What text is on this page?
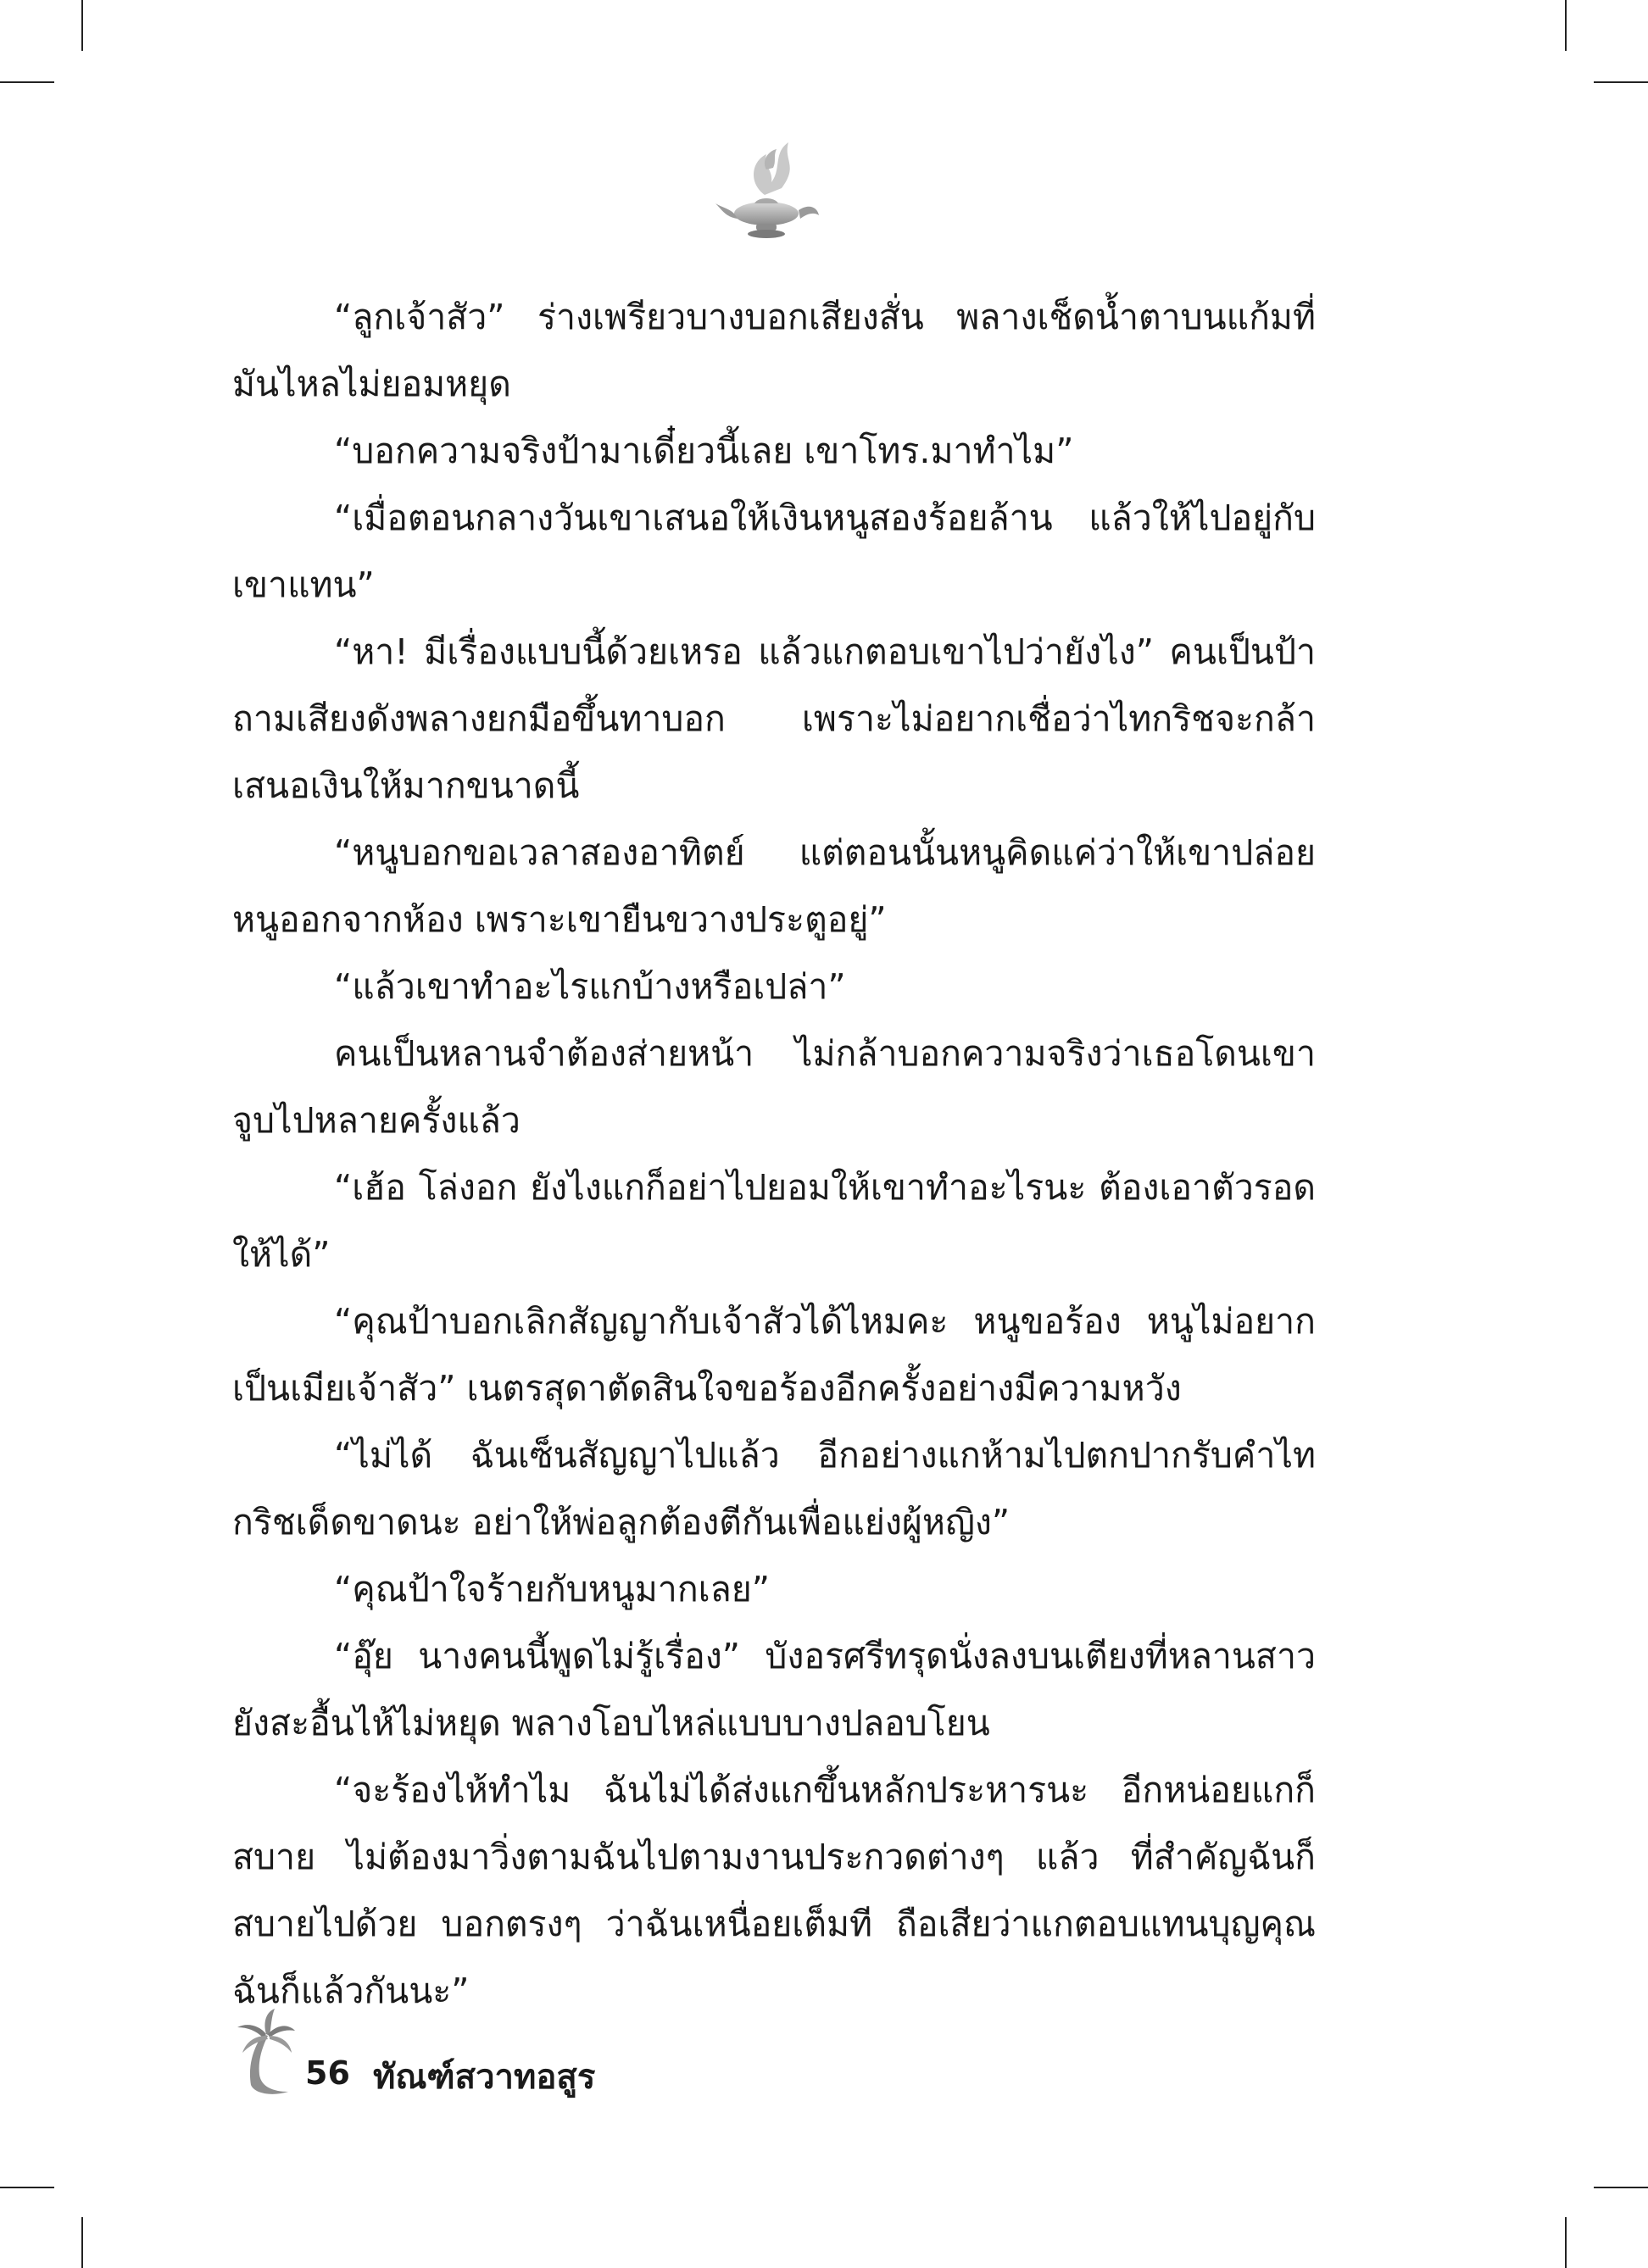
“ลูกเจ้าสัว” ร่างเพรียวบางบอกเสียงสั่น พลางเช็ดน้ำตาบนแก้มที่มันไหลไม่ยอมหยุด

“บอกความจริงป้ามาเดี๋ยวนี้เลย เขาโทร.มาทำไม”

“เมื่อตอนกลางวันเขาเสนอให้เงินหนูสองร้อยล้าน แล้วให้ไปอยู่กับเขาแทน”

“หา! มีเรื่องแบบนี้ด้วยเหรอ แล้วแกตอบเขาไปว่ายังไง” คนเป็นป้าถามเสียงดังพลางยกมือขึ้นทาบอก เพราะไม่อยากเชื่อว่าไทกริชจะกล้าเสนอเงินให้มากขนาดนี้

“หนูบอกขอเวลาสองอาทิตย์ แต่ตอนนั้นหนูคิดแค่ว่าให้เขาปล่อยหนูออกจากห้อง เพราะเขายืนขวางประตูอยู่”

“แล้วเขาทำอะไรแกบ้างหรือเปล่า”

คนเป็นหลานจำต้องส่ายหน้า ไม่กล้าบอกความจริงว่าเธอโดนเขาจูบไปหลายครั้งแล้ว

“เฮ้อ โล่งอก ยังไงแกก็อย่าไปยอมให้เขาทำอะไรนะ ต้องเอาตัวรอดให้ได้”

“คุณป้าบอกเลิกสัญญากับเจ้าสัวได้ไหมคะ หนูขอร้อง หนูไม่อยากเป็นเมียเจ้าสัว” เนตรสุดาตัดสินใจขอร้องอีกครั้งอย่างมีความหวัง

“ไม่ได้ ฉันเซ็นสัญญาไปแล้ว อีกอย่างแกห้ามไปตกปากรับคำไทกริชเด็ดขาดนะ อย่าให้พ่อลูกต้องตีกันเพื่อแย่งผู้หญิง”

“คุณป้าใจร้ายกับหนูมากเลย”

“อุ๊ย นางคนนี้พูดไม่รู้เรื่อง” บังอรศรีทรุดนั่งลงบนเตียงที่หลานสาวยังสะอื้นไห้ไม่หยุด พลางโอบไหล่แบบบางปลอบโยน

“จะร้องไห้ทำไม ฉันไม่ได้ส่งแกขึ้นหลักประหารนะ อีกหน่อยแกก็สบาย ไม่ต้องมาวิ่งตามฉันไปตามงานประกวดต่างๆ แล้ว ที่สำคัญฉันก็สบายไปด้วย บอกตรงๆ ว่าฉันเหนื่อยเต็มที ถือเสียว่าแกตอบแทนบุญคุณฉันก็แล้วกันนะ”

56 ทัณฑ์สวาทอสูร
